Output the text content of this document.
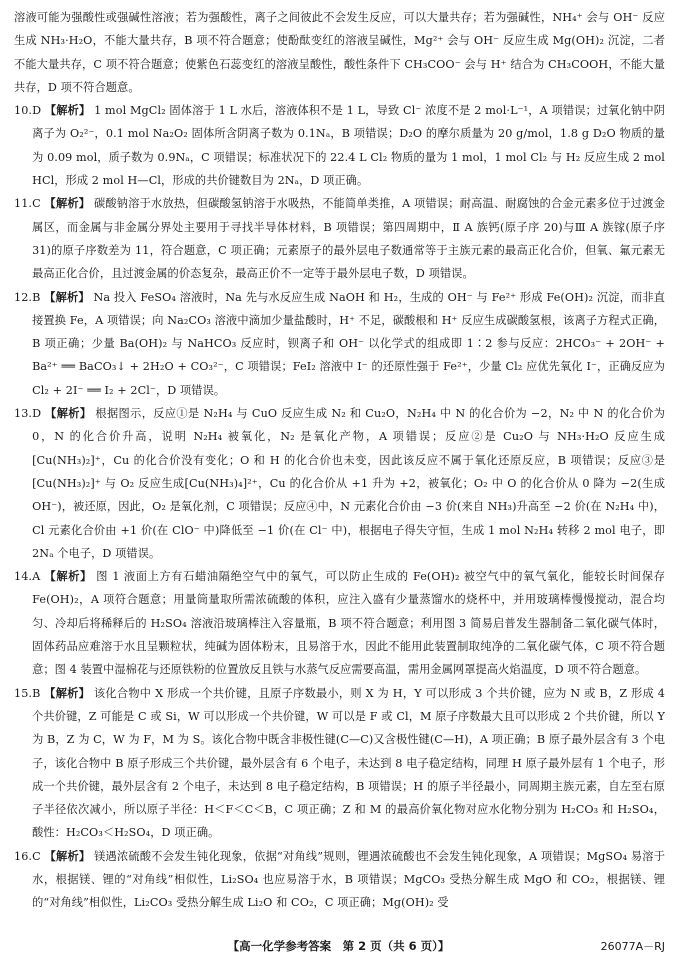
溶液可能为强酸性或强碱性溶液；若为强酸性，离子之间彼此不会发生反应，可以大量共存；若为强碱性，NH₄⁺ 会与 OH⁻ 反应生成 NH₃·H₂O，不能大量共存，B 项不符合题意；使酚酞变红的溶液呈碱性，Mg²⁺ 会与 OH⁻ 反应生成 Mg(OH)₂ 沉淀，二者不能大量共存，C 项不符合题意；使紫色石蕊变红的溶液呈酸性，酸性条件下 CH₃COO⁻ 会与 H⁺ 结合为 CH₃COOH，不能大量共存，D 项不符合题意。

10. D 【解析】 1 mol MgCl₂ 固体溶于 1 L 水后，溶液体积不是 1 L，导致 Cl⁻ 浓度不是 2 mol·L⁻¹，A 项错误；过氧化钠中阴离子为 O₂²⁻，0.1 mol Na₂O₂ 固体所含阴离子数为 0.1Nₐ，B 项错误；D₂O 的摩尔质量为 20 g/mol，1.8 g D₂O 物质的量为 0.09 mol，质子数为 0.9Nₐ，C 项错误；标准状况下的 22.4 L Cl₂ 物质的量为 1 mol，1 mol Cl₂ 与 H₂ 反应生成 2 mol HCl，形成 2 mol H—Cl，形成的共价键数目为 2Nₐ，D 项正确。
11. C 【解析】 碳酸钠溶于水放热，但碳酸氢钠溶于水吸热，不能简单类推，A 项错误；耐高温、耐腐蚀的合金元素多位于过渡金属区，而金属与非金属分界处主要用于寻找半导体材料，B 项错误；第四周期中，Ⅱ A 族钙(原子序 20)与Ⅲ A 族镓(原子序 31)的原子序数差为 11，符合题意，C 项正确；元素原子的最外层电子数通常等于主族元素的最高正化合价，但氧、氟元素无最高正化合价，且过渡金属的价态复杂，最高正价不一定等于最外层电子数，D 项错误。
12. B 【解析】 Na 投入 FeSO₄ 溶液时，Na 先与水反应生成 NaOH 和 H₂，生成的 OH⁻ 与 Fe²⁺ 形成 Fe(OH)₂ 沉淀，而非直接置换 Fe，A 项错误；向 Na₂CO₃ 溶液中滴加少量盐酸时，H⁺ 不足，碳酸根和 H⁺ 反应生成碳酸氢根，该离子方程式正确，B 项正确；少量 Ba(OH)₂ 与 NaHCO₃ 反应时，钡离子和 OH⁻ 以化学式的组成即 1∶2 参与反应：2HCO₃⁻ + 2OH⁻ + Ba²⁺ ══ BaCO₃↓ + 2H₂O + CO₃²⁻，C 项错误；FeI₂ 溶液中 I⁻ 的还原性强于 Fe²⁺，少量 Cl₂ 应优先氧化 I⁻，正确反应为 Cl₂ + 2I⁻ ══ I₂ + 2Cl⁻，D 项错误。
13. D 【解析】 根据图示，反应①是 N₂H₄ 与 CuO 反应生成 N₂ 和 Cu₂O，N₂H₄ 中 N 的化合价为 −2，N₂ 中 N 的化合价为 0，N 的化合价升高，说明 N₂H₄ 被氧化，N₂ 是氧化产物，A 项错误；反应②是 Cu₂O 与 NH₃·H₂O 反应生成[Cu(NH₃)₂]⁺，Cu 的化合价没有变化；O 和 H 的化合价也未变，因此该反应不属于氧化还原反应，B 项错误；反应③是[Cu(NH₃)₂]⁺ 与 O₂ 反应生成[Cu(NH₃)₄]²⁺，Cu 的化合价从 +1 升为 +2，被氧化；O₂ 中 O 的化合价从 0 降为 −2(生成 OH⁻)，被还原，因此，O₂ 是氧化剂，C 项错误；反应④中，N 元素化合价由 −3 价(来自 NH₃)升高至 −2 价(在 N₂H₄ 中)，Cl 元素化合价由 +1 价(在 ClO⁻ 中)降低至 −1 价(在 Cl⁻ 中)，根据电子得失守恒，生成 1 mol N₂H₄ 转移 2 mol 电子，即 2Nₐ 个电子，D 项错误。
14. A 【解析】 图 1 液面上方有石蜡油隔绝空气中的氧气，可以防止生成的 Fe(OH)₂ 被空气中的氧气氧化，能较长时间保存 Fe(OH)₂，A 项符合题意；用量筒量取所需浓硫酸的体积，应注入盛有少量蒸馏水的烧杯中，并用玻璃棒慢慢搅动，混合均匀、冷却后将稀释后的 H₂SO₄ 溶液沿玻璃棒注入容量瓶，B 项不符合题意；利用图 3 简易启普发生器制备二氧化碳气体时，固体药品应难溶于水且呈颗粒状，纯碱为固体粉末，且易溶于水，因此不能用此装置制取纯净的二氧化碳气体，C 项不符合题意；图 4 装置中湿棉花与还原铁粉的位置放反且铁与水蒸气反应需要高温，需用金属网罩提高火焰温度，D 项不符合题意。
15. B 【解析】 该化合物中 X 形成一个共价键，且原子序数最小，则 X 为 H，Y 可以形成 3 个共价键，应为 N 或 B，Z 形成 4 个共价键，Z 可能是 C 或 Si，W 可以形成一个共价键，W 可以是 F 或 Cl，M 原子序数最大且可以形成 2 个共价键，所以 Y 为 B，Z 为 C，W 为 F，M 为 S。该化合物中既含非极性键(C—C)又含极性键(C—H)，A 项正确；B 原子最外层含有 3 个电子，该化合物中 B 原子形成三个共价键，最外层含有 6 个电子，未达到 8 电子稳定结构，同理 H 原子最外层有 1 个电子，形成一个共价键，最外层含有 2 个电子，未达到 8 电子稳定结构，B 项错误；H 的原子半径最小，同周期主族元素，自左至右原子半径依次减小，所以原子半径：H＜F＜C＜B，C 项正确；Z 和 M 的最高价氧化物对应水化物分别为 H₂CO₃ 和 H₂SO₄，酸性：H₂CO₃＜H₂SO₄，D 项正确。
16. C 【解析】 镁遇浓硫酸不会发生钝化现象，依据“对角线”规则，锂遇浓硫酸也不会发生钝化现象，A 项错误；MgSO₄ 易溶于水，根据镁、锂的“对角线”相似性，Li₂SO₄ 也应易溶于水，B 项错误；MgCO₃ 受热分解生成 MgO 和 CO₂，根据镁、锂的“对角线”相似性，Li₂CO₃ 受热分解生成 Li₂O 和 CO₂，C 项正确；Mg(OH)₂ 受
【高一化学参考答案　第 2 页（共 6 页）】	26077A－RJ
